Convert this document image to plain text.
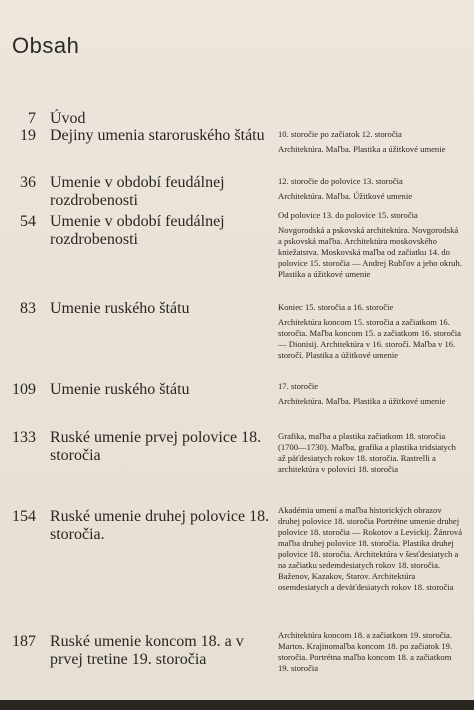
Obsah
7 Úvod
19 Dejiny umenia staroruského štátu	10. storočie po začiatok 12. storočia

Architektúra. Maľba. Plastika a úžitkové umenie

36 Umenie v období feudálnej rozdrobenosti

12. storočie do polovice 13. storočia

Architektúra. Maľba. Úžitkové umenie

54 Umenie v období feudálnej rozdrobenosti

Od polovice 13. do polovice 15. storočia

Novgorodská a pskovská architektúra. Novgorodská a pskovská maľba. Architektúra moskovského kniežatstva. Moskovská maľba od začiatku 14. do polovice 15. storočia — Andrej Rubľov a jeho okruh. Plastika a úžitkové umenie

83 Umenie ruského štátu	Koniec 15. storočia a 16. storočie

Architektúra koncom 15. storočia a začiatkom 16. storočia. Maľba koncom 15. a začiatkom 16. storočia — Dionisij. Architektúra v 16. storočí. Maľba v 16. storočí. Plastika a úžitkové umenie

109 Umenie ruského štátu	17. storočie

Architektúra. Maľba. Plastika a úžitkové umenie

133 Ruské umenie prvej polovice 18. storočia

Grafika, maľba a plastika začiatkom 18. storočia (1700—1730). Maľba, grafika a plastika tridsiatych až päťdesiatych rokov 18. storočia. Rastrelli a architektúra v polovici 18. storočia

154 Ruské umenie druhej polovice 18. storočia.

Akadémia umení a maľba historických obrazov druhej polovice 18. storočia Portrétne umenie druhej polovice 18. storočia — Rokotov a Levickij. Žánrová maľba druhej polovice 18. storočia. Plastika druhej polovice 18. storočia. Architektúra v šesťdesiatych a na začiatku sedemdesiatych rokov 18. storočia. Baženov, Kazakov, Starov. Architektúra osemdesiatych a deväťdesiatych rokov 18. storočia

187 Ruské umenie koncom 18. a v prvej tretine 19. storočia

Architektúra koncom 18. a začiatkom 19. storočia. Martos. Krajinomaľba koncom 18. po začiatok 19. storočia. Portrétna maľba koncom 18. a začiatkom 19. storočia
